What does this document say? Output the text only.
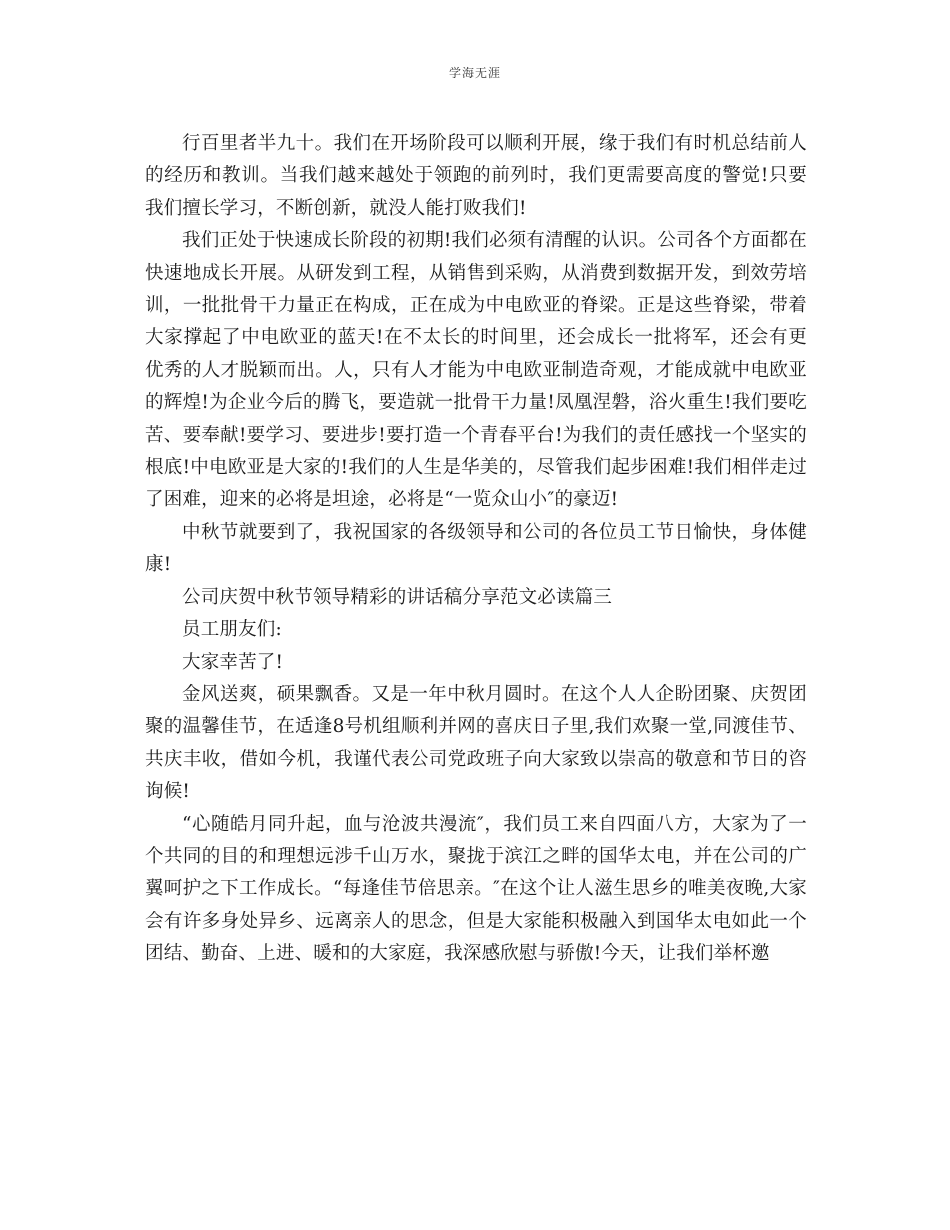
学海无涯

行百里者半九十。我们在开场阶段可以顺利开展，缘于我们有时机总结前人的经历和教训。当我们越来越处于领跑的前列时，我们更需要高度的警觉!只要我们擅长学习，不断创新，就没人能打败我们!

我们正处于快速成长阶段的初期!我们必须有清醒的认识。公司各个方面都在快速地成长开展。从研发到工程，从销售到采购，从消费到数据开发，到效劳培训，一批批骨干力量正在构成，正在成为中电欧亚的脊梁。正是这些脊梁，带着大家撑起了中电欧亚的蓝天!在不太长的时间里，还会成长一批将军，还会有更优秀的人才脱颖而出。人，只有人才能为中电欧亚制造奇观，才能成就中电欧亚的辉煌!为企业今后的腾飞，要造就一批骨干力量!凤凰涅磐，浴火重生!我们要吃苦、要奉献!要学习、要进步!要打造一个青春平台!为我们的责任感找一个坚实的根底!中电欧亚是大家的!我们的人生是华美的，尽管我们起步困难!我们相伴走过了困难，迎来的必将是坦途，必将是“一览众山小″的豪迈!

中秋节就要到了，我祝国家的各级领导和公司的各位员工节日愉快，身体健康!

公司庆贺中秋节领导精彩的讲话稿分享范文必读篇三

员工朋友们:

大家幸苦了!

金风送爽，硕果飘香。又是一年中秋月圆时。在这个人人企盼团聚、庆贺团聚的温馨佳节，在适逢8号机组顺利并网的喜庆日子里,我们欢聚一堂,同渡佳节、共庆丰收，借如今机，我谨代表公司党政班子向大家致以崇高的敬意和节日的咨询候!

“心随皓月同升起，血与沧波共漫流″，我们员工来自四面八方，大家为了一个共同的目的和理想远涉千山万水，聚拢于滨江之畔的国华太电，并在公司的广翼呵护之下工作成长。“每逢佳节倍思亲。″在这个让人滋生思乡的唯美夜晚,大家会有许多身处异乡、远离亲人的思念，但是大家能积极融入到国华太电如此一个团结、勤奋、上进、暖和的大家庭，我深感欣慰与骄傲!今天，让我们举杯邀
